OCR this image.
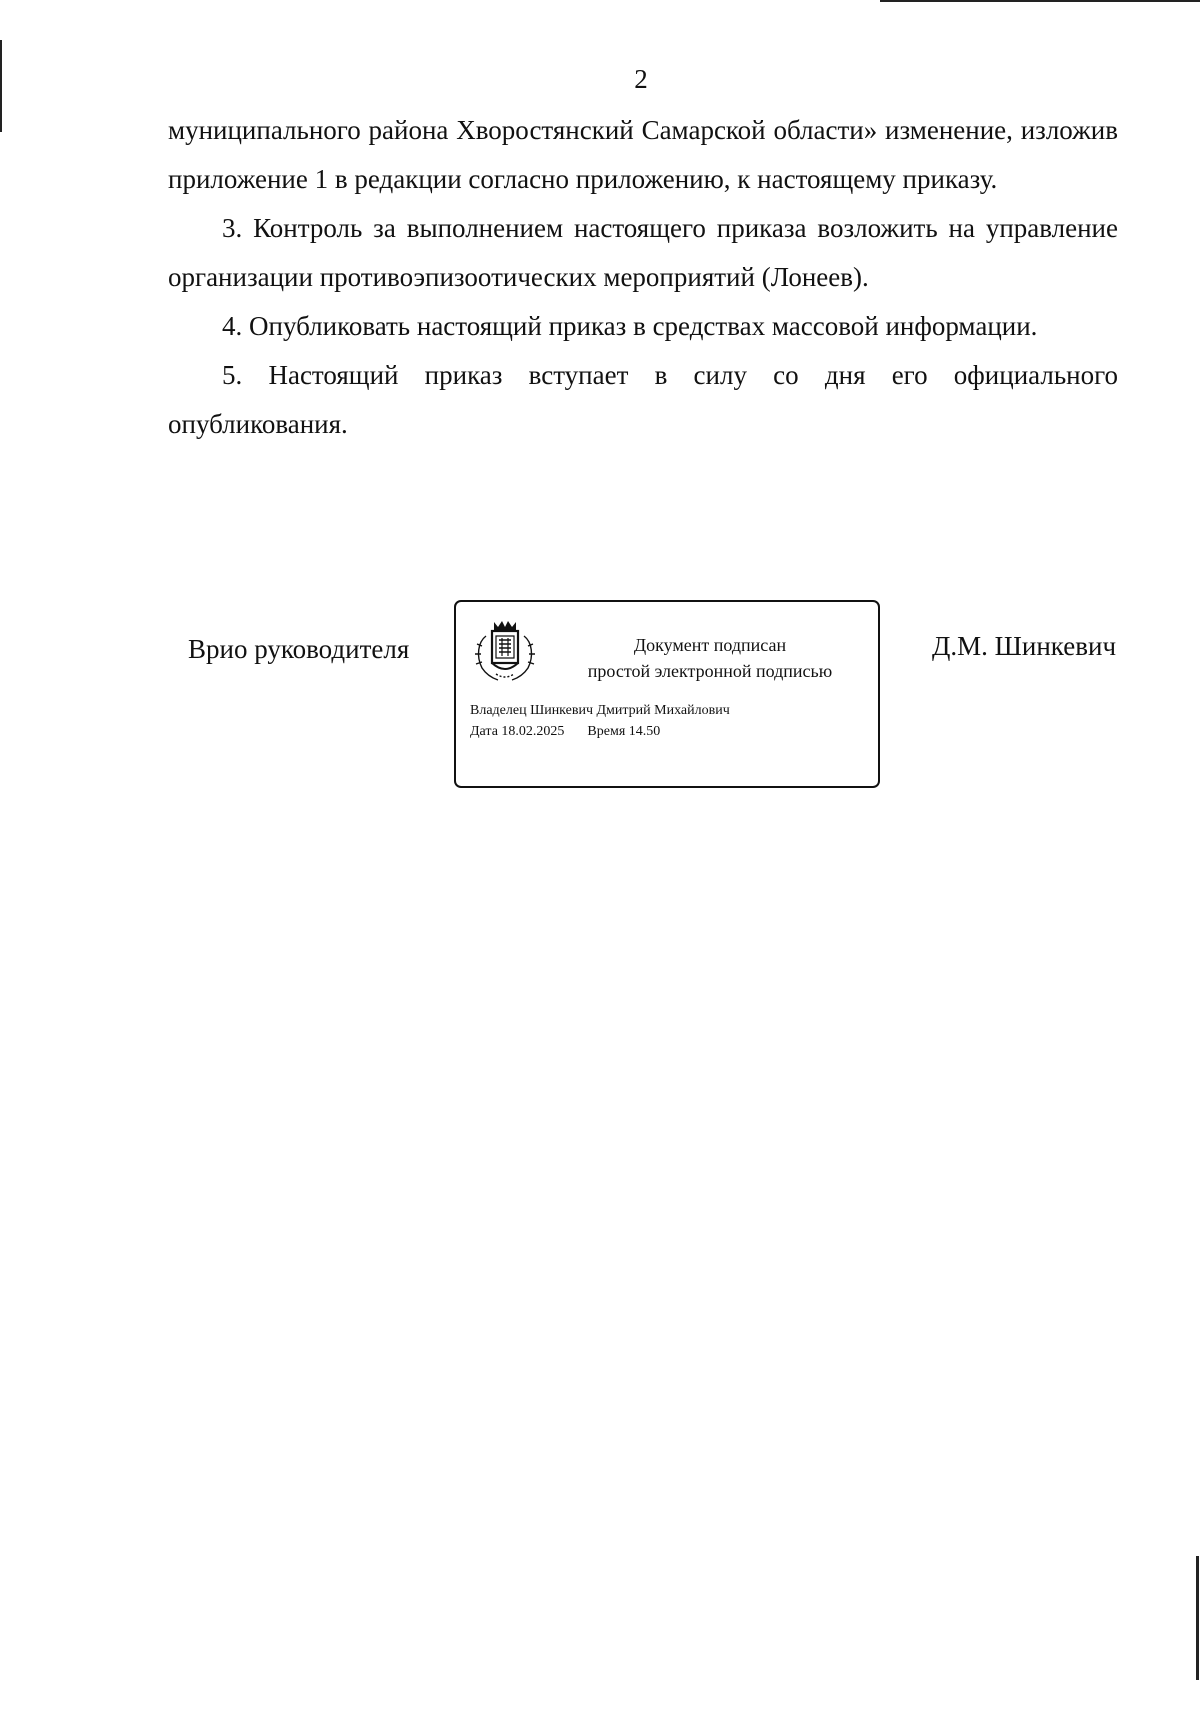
2

муниципального района Хворостянский Самарской области» изменение, изложив приложение 1 в редакции согласно приложению, к настоящему приказу.

3. Контроль за выполнением настоящего приказа возложить на управление организации противоэпизоотических мероприятий (Лонеев).

4. Опубликовать настоящий приказ в средствах массовой информации.

5. Настоящий приказ вступает в силу со дня его официального опубликования.

Врио руководителя	Документ подписан
простой электронной подписью
Владелец Шинкевич Дмитрий Михайлович
Дата 18.02.2025 Время 14.50
Д.М. Шинкевич
